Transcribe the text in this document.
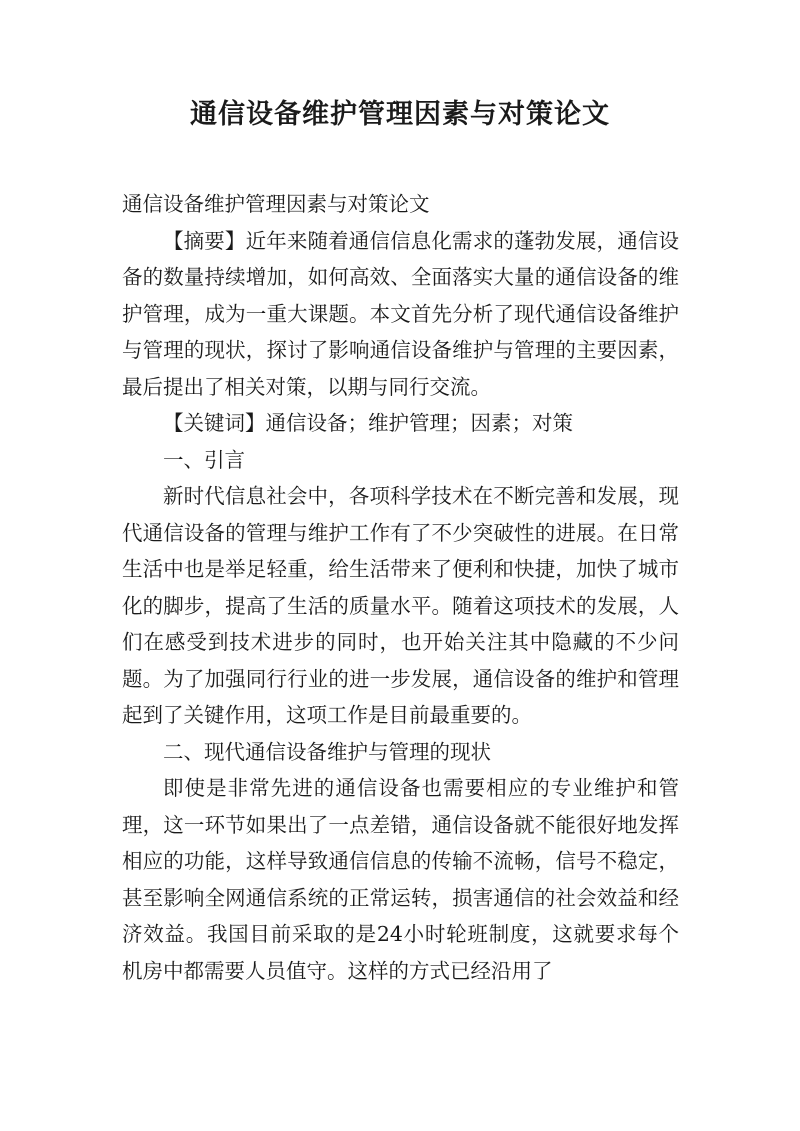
通信设备维护管理因素与对策论文

通信设备维护管理因素与对策论文

【摘要】近年来随着通信信息化需求的蓬勃发展，通信设备的数量持续增加，如何高效、全面落实大量的通信设备的维护管理，成为一重大课题。本文首先分析了现代通信设备维护与管理的现状，探讨了影响通信设备维护与管理的主要因素，最后提出了相关对策，以期与同行交流。

【关键词】通信设备；维护管理；因素；对策

一、引言

新时代信息社会中，各项科学技术在不断完善和发展，现代通信设备的管理与维护工作有了不少突破性的进展。在日常生活中也是举足轻重，给生活带来了便利和快捷，加快了城市化的脚步，提高了生活的质量水平。随着这项技术的发展，人们在感受到技术进步的同时，也开始关注其中隐藏的不少问题。为了加强同行行业的进一步发展，通信设备的维护和管理起到了关键作用，这项工作是目前最重要的。

二、现代通信设备维护与管理的现状

即使是非常先进的通信设备也需要相应的专业维护和管理，这一环节如果出了一点差错，通信设备就不能很好地发挥相应的功能，这样导致通信信息的传输不流畅，信号不稳定，甚至影响全网通信系统的正常运转，损害通信的社会效益和经济效益。我国目前采取的是24小时轮班制度，这就要求每个机房中都需要人员值守。这样的方式已经沿用了
